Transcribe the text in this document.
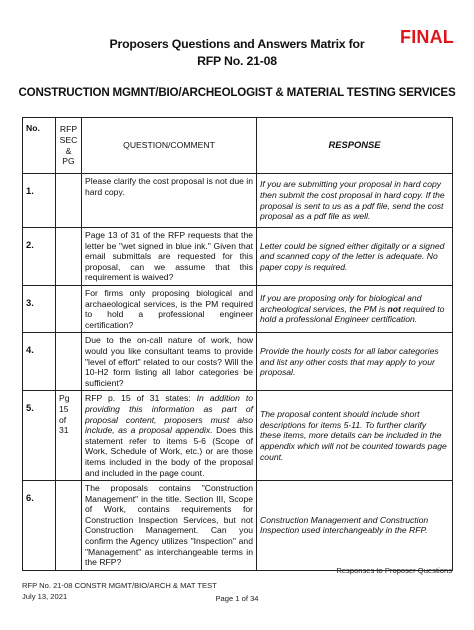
FINAL
Proposers Questions and Answers Matrix for
RFP No. 21-08
CONSTRUCTION MGMNT/BIO/ARCHEOLOGIST & MATERIAL TESTING SERVICES
No.	RFP SEC & PG	QUESTION/COMMENT	RESPONSE
1.		Please clarify the cost proposal is not due in hard copy.	If you are submitting your proposal in hard copy then submit the cost proposal in hard copy. If the proposal is sent to us as a pdf file, send the cost proposal as a pdf file as well.
2.		Page 13 of 31 of the RFP requests that the letter be "wet signed in blue ink." Given that email submittals are requested for this proposal, can we assume that this requirement is waived?	Letter could be signed either digitally or a signed and scanned copy of the letter is adequate. No paper copy is required.
3.		For firms only proposing biological and archaeological services, is the PM required to hold a professional engineer certification?	If you are proposing only for biological and archeological services, the PM is not required to hold a professional Engineer certification.
4.		Due to the on-call nature of work, how would you like consultant teams to provide "level of effort" related to our costs? Will the 10-H2 form listing all labor categories be sufficient?	Provide the hourly costs for all labor categories and list any other costs that may apply to your proposal.
5.	Pg 15 of 31	RFP p. 15 of 31 states: In addition to providing this information as part of proposal content, proposers must also include, as a proposal appendix. Does this statement refer to items 5-6 (Scope of Work, Schedule of Work, etc.) or are those items included in the body of the proposal and included in the page count.	The proposal content should include short descriptions for items 5-11. To further clarify these items, more details can be included in the appendix which will not be counted towards page count.
6.		The proposals contains "Construction Management" in the title. Section III, Scope of Work, contains requirements for Construction Inspection Services, but not Construction Management. Can you confirm the Agency utilizes "Inspection" and "Management" as interchangeable terms in the RFP?	Construction Management and Construction Inspection used interchangeably in the RFP.
Responses to Proposer Questions
RFP No. 21-08 CONSTR MGMT/BIO/ARCH & MAT TEST
July 13, 2021	Page 1 of 34
